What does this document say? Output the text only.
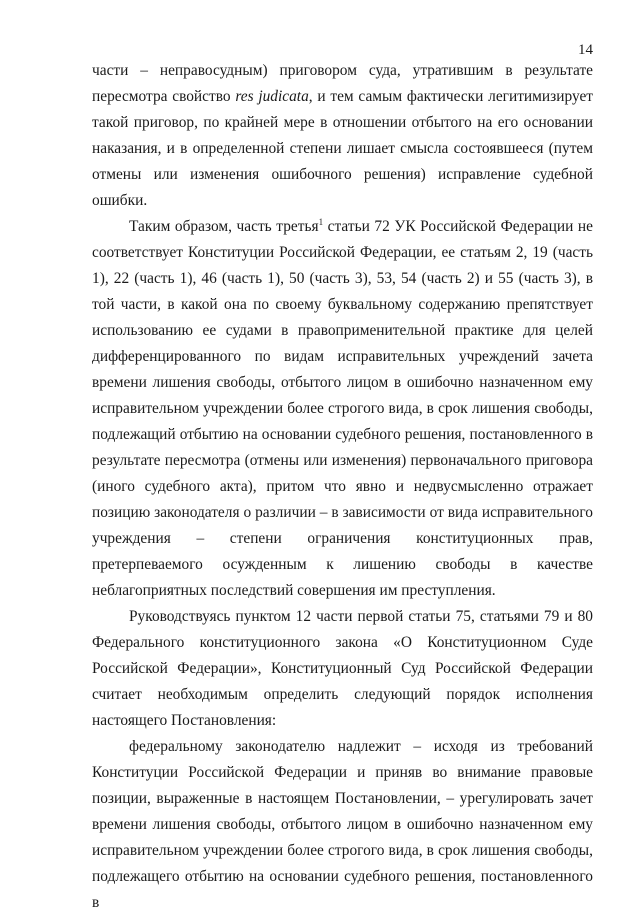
14

части – неправосудным) приговором суда, утратившим в результате пересмотра свойство res judicata, и тем самым фактически легитимизирует такой приговор, по крайней мере в отношении отбытого на его основании наказания, и в определенной степени лишает смысла состоявшееся (путем отмены или изменения ошибочного решения) исправление судебной ошибки.

Таким образом, часть третья$^1$ статьи 72 УК Российской Федерации не соответствует Конституции Российской Федерации, ее статьям 2, 19 (часть 1), 22 (часть 1), 46 (часть 1), 50 (часть 3), 53, 54 (часть 2) и 55 (часть 3), в той части, в какой она по своему буквальному содержанию препятствует использованию ее судами в правоприменительной практике для целей дифференцированного по видам исправительных учреждений зачета времени лишения свободы, отбытого лицом в ошибочно назначенном ему исправительном учреждении более строгого вида, в срок лишения свободы, подлежащий отбытию на основании судебного решения, постановленного в результате пересмотра (отмены или изменения) первоначального приговора (иного судебного акта), притом что явно и недвусмысленно отражает позицию законодателя о различии – в зависимости от вида исправительного учреждения – степени ограничения конституционных прав, претерпеваемого осужденным к лишению свободы в качестве неблагоприятных последствий совершения им преступления.

Руководствуясь пунктом 12 части первой статьи 75, статьями 79 и 80 Федерального конституционного закона «О Конституционном Суде Российской Федерации», Конституционный Суд Российской Федерации считает необходимым определить следующий порядок исполнения настоящего Постановления:

федеральному законодателю надлежит – исходя из требований Конституции Российской Федерации и приняв во внимание правовые позиции, выраженные в настоящем Постановлении, – урегулировать зачет времени лишения свободы, отбытого лицом в ошибочно назначенном ему исправительном учреждении более строгого вида, в срок лишения свободы, подлежащего отбытию на основании судебного решения, постановленного в
